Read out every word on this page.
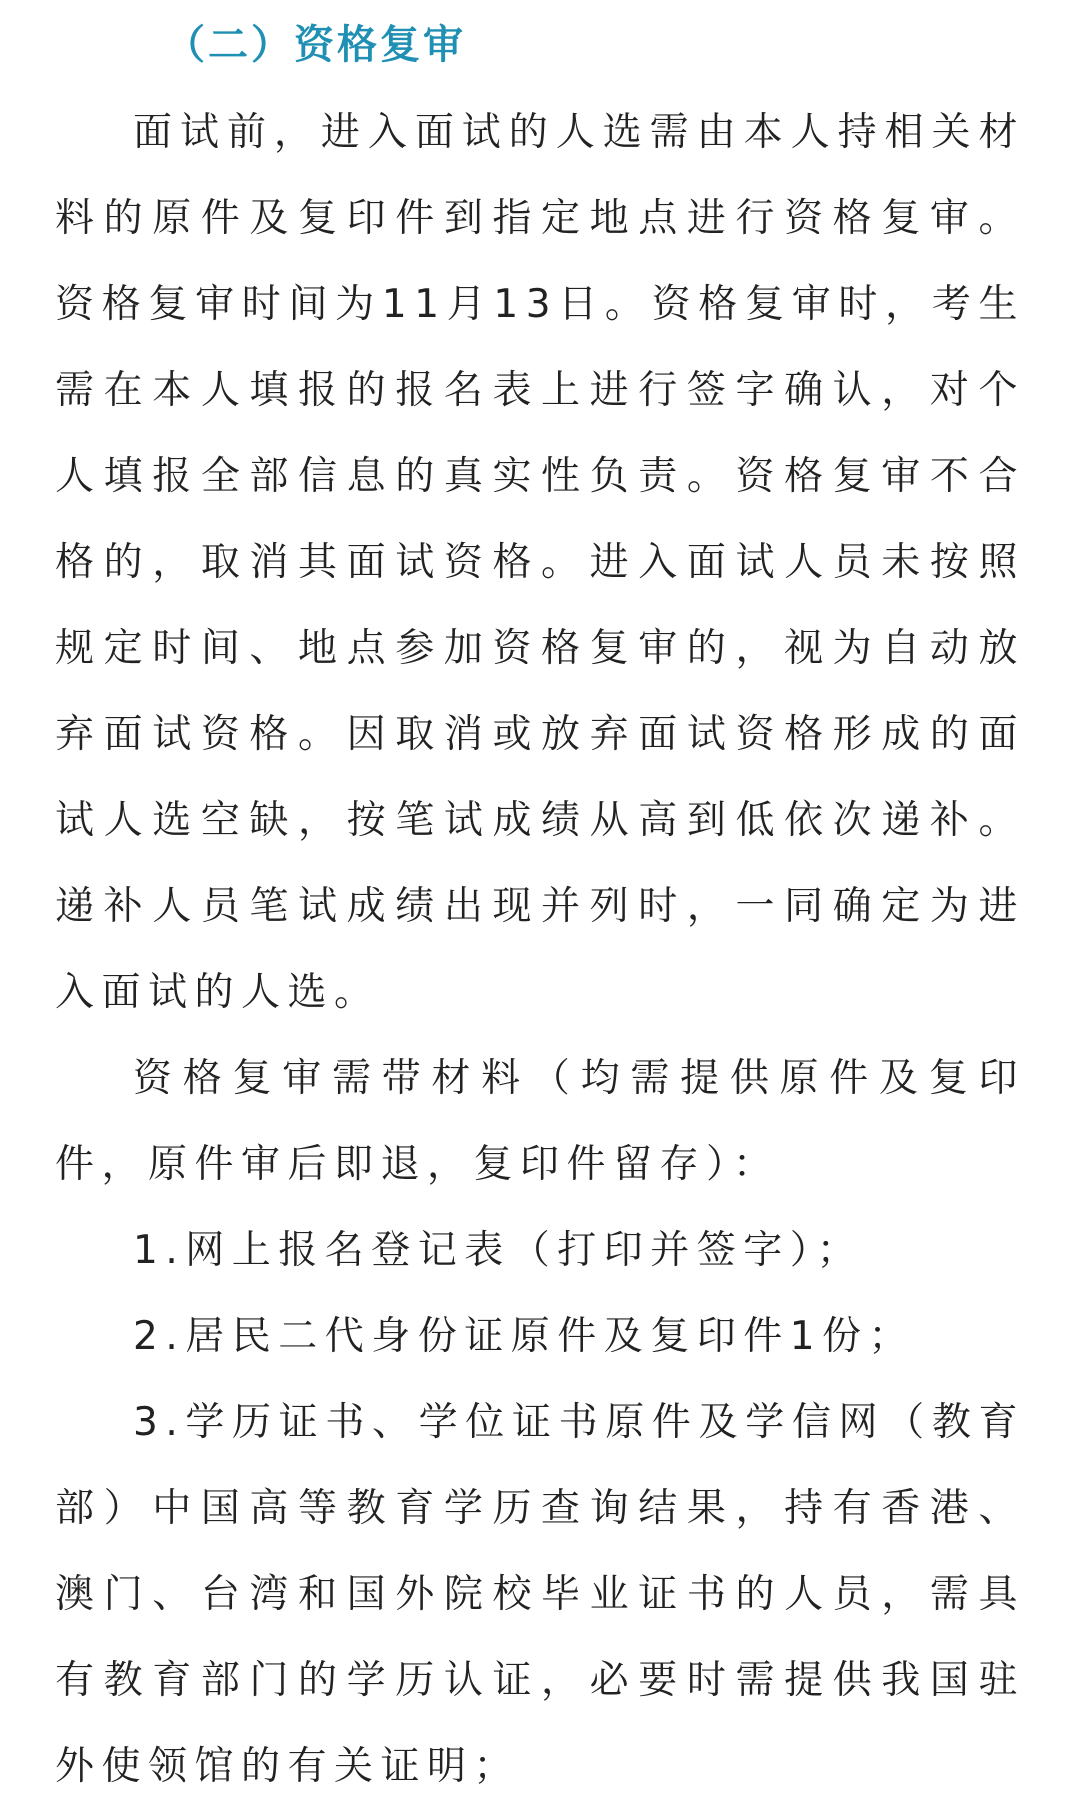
（二）资格复审

面试前，进入面试的人选需由本人持相关材料的原件及复印件到指定地点进行资格复审。资格复审时间为11月13日。资格复审时，考生需在本人填报的报名表上进行签字确认，对个人填报全部信息的真实性负责。资格复审不合格的，取消其面试资格。进入面试人员未按照规定时间、地点参加资格复审的，视为自动放弃面试资格。因取消或放弃面试资格形成的面试人选空缺，按笔试成绩从高到低依次递补。递补人员笔试成绩出现并列时，一同确定为进入面试的人选。

资格复审需带材料（均需提供原件及复印件，原件审后即退，复印件留存）：

1.网上报名登记表（打印并签字）；

2.居民二代身份证原件及复印件1份；

3.学历证书、学位证书原件及学信网（教育部）中国高等教育学历查询结果，持有香港、澳门、台湾和国外院校毕业证书的人员，需具有教育部门的学历认证，必要时需提供我国驻外使领馆的有关证明；
